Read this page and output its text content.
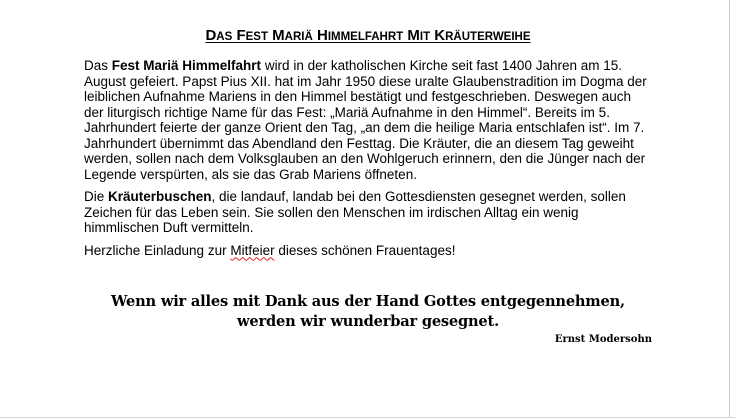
DAS FEST MARIÄ HIMMELFAHRT MIT KRÄUTERWEIHE

Das Fest Mariä Himmelfahrt wird in der katholischen Kirche seit fast 1400 Jahren am 15. August gefeiert. Papst Pius XII. hat im Jahr 1950 diese uralte Glaubenstradition im Dogma der leiblichen Aufnahme Mariens in den Himmel bestätigt und festgeschrieben. Deswegen auch der liturgisch richtige Name für das Fest: „Mariä Aufnahme in den Himmel“. Bereits im 5. Jahrhundert feierte der ganze Orient den Tag, „an dem die heilige Maria entschlafen ist“. Im 7. Jahrhundert übernimmt das Abendland den Festtag. Die Kräuter, die an diesem Tag geweiht werden, sollen nach dem Volksglauben an den Wohlgeruch erinnern, den die Jünger nach der Legende verspürten, als sie das Grab Mariens öffneten.

Die Kräuterbuschen, die landauf, landab bei den Gottesdiensten gesegnet werden, sollen Zeichen für das Leben sein. Sie sollen den Menschen im irdischen Alltag ein wenig himmlischen Duft vermitteln.

Herzliche Einladung zur Mitfeier dieses schönen Frauentages!

Wenn wir alles mit Dank aus der Hand Gottes entgegennehmen,
werden wir wunderbar gesegnet.
Ernst Modersohn
